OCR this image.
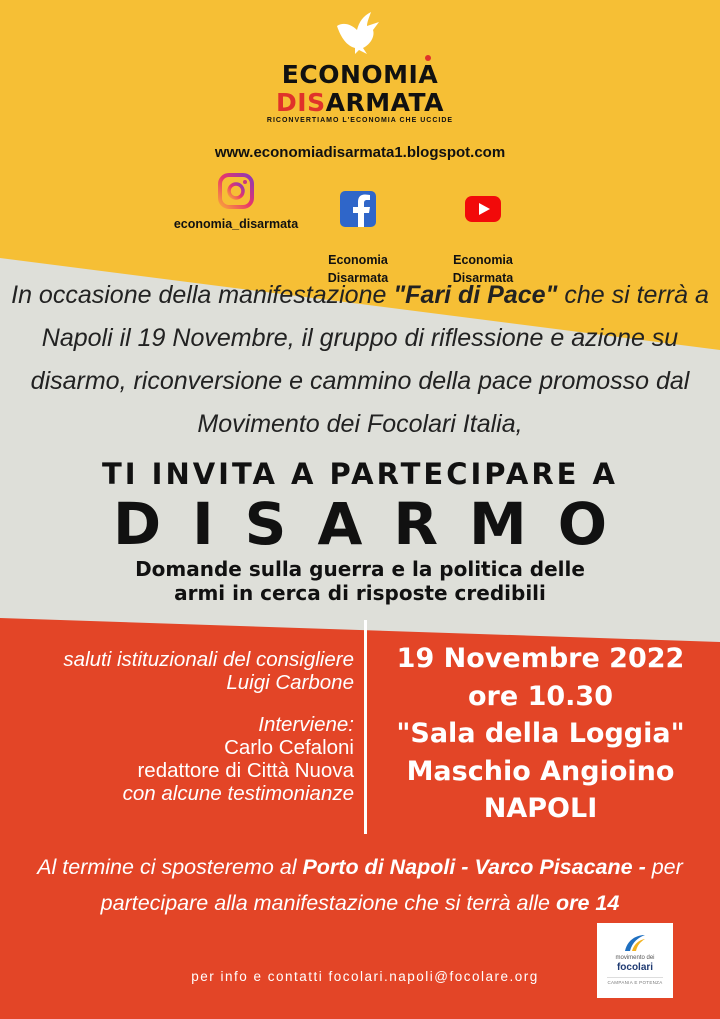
ECONOMIA
DISARMATA
RICONVERTIAMO L'ECONOMIA CHE UCCIDE
www.economiadisarmata1.blogspot.com
economia_disarmata

Economia
Disarmata

Economia
Disarmata

In occasione della manifestazione "Fari di Pace" che si terrà a Napoli il 19 Novembre, il gruppo di riflessione e azione su disarmo, riconversione e cammino della pace promosso dal Movimento dei Focolari Italia,
TI INVITA A PARTECIPARE A
DISARMO
Domande sulla guerra e la politica delle
armi in cerca di risposte credibili
saluti istituzionali del consigliere
Luigi Carbone
Interviene:
Carlo Cefaloni
redattore di Città Nuova
con alcune testimonianze
19 Novembre 2022
ore 10.30
"Sala della Loggia"
Maschio Angioino
NAPOLI
Al termine ci sposteremo al Porto di Napoli - Varco Pisacane - per partecipare alla manifestazione che si terrà alle ore 14
per info e contatti focolari.napoli@focolare.org
movimento dei
focolari
CAMPANIA E POTENZA
